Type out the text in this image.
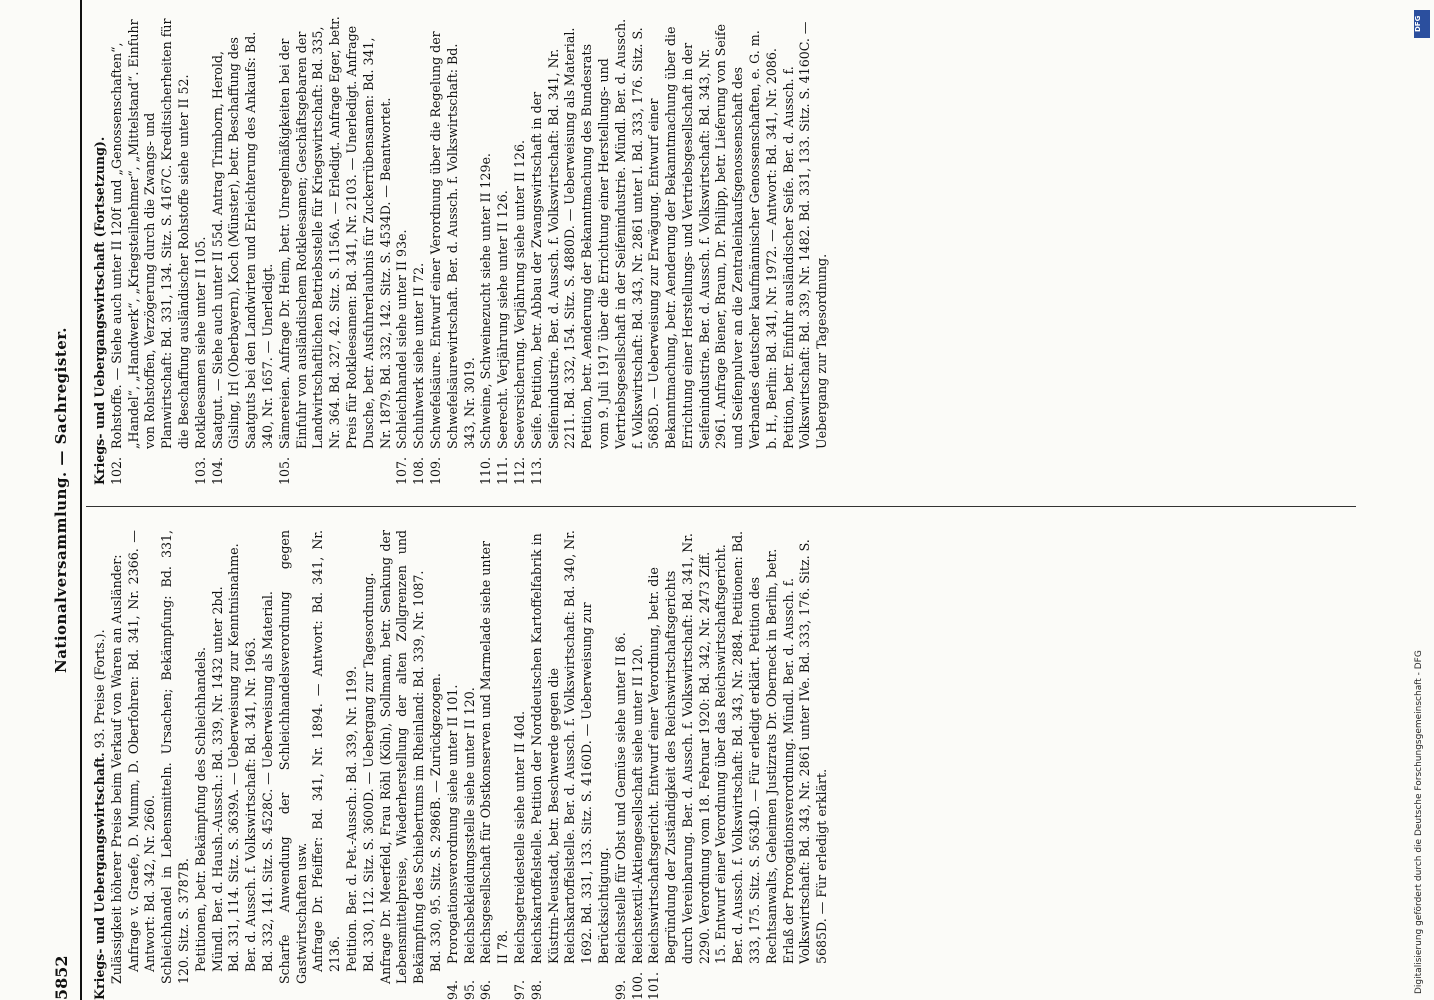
5852
Nationalversammlung. — Sachregister.
Kriegs- und Uebergangswirtschaft. 93. Preise (Forts.). Zulässigkeit höherer Preise beim Verkauf von Waren an Ausländer: Anfrage v. Graefe, D. Mumm, D. Oberfohren: Bd. 341, Nr. 2366. — Antwort: Bd. 342, Nr. 2660. Schleichhandel in Lebensmitteln. Ursachen; Bekämpfung: Bd. 331, 120. Sitz. S. 3787B. Petitionen, betr. Bekämpfung des Schleichhandels. Mündl. Ber. d. Haush.-Aussch.: Bd. 339, Nr. 1432 unter 2bd. Bd. 331, 114. Sitz. S. 3639A. — Ueberweisung zur Kenntnisnahme. Ber. d. Aussch. f. Volkswirtschaft: Bd. 341, Nr. 1963. Bd. 332, 141. Sitz. S. 4528C. — Ueberweisung als Material. Scharfe Anwendung der Schleichhandelsverordnung gegen Gastwirtschaften usw. Anfrage Dr. Pfeiffer: Bd. 341, Nr. 1894. — Antwort: Bd. 341, Nr. 2136. Petition. Ber. d. Pet.-Aussch.: Bd. 339, Nr. 1199. Bd. 330, 112. Sitz. S. 3600D. — Uebergang zur Tagesordnung. Anfrage Dr. Meerfeld, Frau Röhl (Köln), Sollmann, betr. Senkung der Lebensmittelpreise, Wiederherstellung der alten Zollgrenzen und Bekämpfung des Schiebertums im Rheinland: Bd. 339, Nr. 1087. Bd. 330, 95. Sitz. S. 2986B. — Zurückgezogen.
94.
Prorogationsverordnung siehe unter II 101.
95.
Reichsbekleidungsstelle siehe unter II 120.
96.
Reichsgesellschaft für Obstkonserven und Marmelade siehe unter II 78.
97.
Reichsgetreidestelle siehe unter II 40d.
98.
Reichskartoffelstelle. Petition der Norddeutschen Kartoffelfabrik in Küstrin-Neustadt, betr. Beschwerde gegen die Reichskartoffelstelle. Ber. d. Aussch. f. Volkswirtschaft: Bd. 340, Nr. 1692. Bd. 331, 133. Sitz. S. 4160D. — Ueberweisung zur Berücksichtigung.
99.
Reichsstelle für Obst und Gemüse siehe unter II 86.
100.
Reichstextil-Aktiengesellschaft siehe unter II 120.
101.
Reichswirtschaftsgericht. Entwurf einer Verordnung, betr. die Begründung der Zuständigkeit des Reichswirtschaftsgerichts durch Vereinbarung. Ber. d. Aussch. f. Volkswirtschaft: Bd. 341, Nr. 2290. Verordnung vom 18. Februar 1920: Bd. 342, Nr. 2473 Ziff. 15. Entwurf einer Verordnung über das Reichswirtschaftsgericht. Ber. d. Aussch. f. Volkswirtschaft: Bd. 343, Nr. 2884. Petitionen: Bd. 333, 175. Sitz. S. 5634D. — Für erledigt erklärt. Petition des Rechtsanwalts, Geheimen Justizrats Dr. Oberneck in Berlin, betr. Erlaß der Prorogationsverordnung. Mündl. Ber. d. Aussch. f. Volkswirtschaft: Bd. 343, Nr. 2861 unter IVe. Bd. 333, 176. Sitz. S. 5685D. — Für erledigt erklärt.
Kriegs- und Uebergangswirtschaft (Fortsetzung). 102.
Rohstoffe. — Siehe auch unter II 120f und „Genossenschaften“, „Handel“, „Handwerk“, „Kriegsteilnehmer“, „Mittelstand“. Einfuhr von Rohstoffen, Verzögerung durch die Zwangs- und Planwirtschaft: Bd. 331, 134. Sitz. S. 4167C. Kreditsicherheiten für die Beschaffung ausländischer Rohstoffe siehe unter II 52.
103.
Rotkleesamen siehe unter II 105.
104.
Saatgut. — Siehe auch unter II 55d. Antrag Trimborn, Herold, Gisling, Irl (Oberbayern), Koch (Münster), betr. Beschaffung des Saatguts bei den Landwirten und Erleichterung des Ankaufs: Bd. 340, Nr. 1657. — Unerledigt.
105.
Sämereien. Anfrage Dr. Heim, betr. Unregelmäßigkeiten bei der Einfuhr von ausländischem Rotkleesamen; Geschäftsgebaren der Landwirtschaftlichen Betriebsstelle für Kriegswirtschaft: Bd. 335, Nr. 364. Bd. 327, 42. Sitz. S. 1156A. — Erledigt. Anfrage Eger, betr. Preis für Rotkleesamen: Bd. 341, Nr. 2103. — Unerledigt. Anfrage Dusche, betr. Ausfuhrerlaubnis für Zuckerrübensamen: Bd. 341, Nr. 1879. Bd. 332, 142. Sitz. S. 4534D. — Beantwortet.
107.
Schleichhandel siehe unter II 93e.
108.
Schuhwerk siehe unter II 72.
109.
Schwefelsäure. Entwurf einer Verordnung über die Regelung der Schwefelsäurewirtschaft. Ber. d. Aussch. f. Volkswirtschaft: Bd. 343, Nr. 3019.
110.
Schweine, Schweinezucht siehe unter II 129e.
111.
Seerecht. Verjährung siehe unter II 126.
112.
Seeversicherung. Verjährung siehe unter II 126.
113.
Seife. Petition, betr. Abbau der Zwangswirtschaft in der Seifenindustrie. Ber. d. Aussch. f. Volkswirtschaft: Bd. 341, Nr. 2211. Bd. 332, 154. Sitz. S. 4880D. — Ueberweisung als Material. Petition, betr. Aenderung der Bekanntmachung des Bundesrats vom 9. Juli 1917 über die Errichtung einer Herstellungs- und Vertriebsgesellschaft in der Seifenindustrie. Mündl. Ber. d. Aussch. f. Volkswirtschaft: Bd. 343, Nr. 2861 unter I. Bd. 333, 176. Sitz. S. 5685D. — Ueberweisung zur Erwägung. Entwurf einer Bekanntmachung, betr. Aenderung der Bekanntmachung über die Errichtung einer Herstellungs- und Vertriebsgesellschaft in der Seifenindustrie. Ber. d. Aussch. f. Volkswirtschaft: Bd. 343, Nr. 2961. Anfrage Biener, Braun, Dr. Philipp, betr. Lieferung von Seife und Seifenpulver an die Zentraleinkaufsgenossenschaft des Verbandes deutscher kaufmännischer Genossenschaften, e. G. m. b. H., Berlin: Bd. 341, Nr. 1972. — Antwort: Bd. 341, Nr. 2086. Petition, betr. Einfuhr ausländischer Seife. Ber. d. Aussch. f. Volkswirtschaft: Bd. 339, Nr. 1482. Bd. 331, 133. Sitz. S. 4160C. — Uebergang zur Tagesordnung.
DFG
Digitalisierung gefördert durch die Deutsche Forschungsgemeinschaft - DFG
